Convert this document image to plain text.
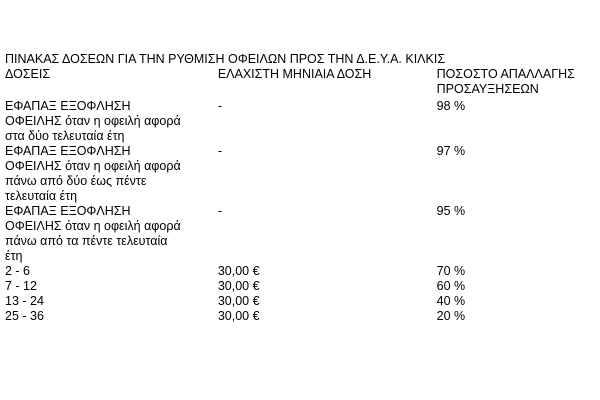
ΠΙΝΑΚΑΣ ΔΟΣΕΩΝ ΓΙΑ ΤΗΝ ΡΥΘΜΙΣΗ ΟΦΕΙΛΩΝ ΠΡΟΣ ΤΗΝ Δ.Ε.Υ.Α. ΚΙΛΚΙΣ
ΔΟΣΕΙΣ	ΕΛΑΧΙΣΤΗ ΜΗΝΙΑΙΑ ΔΟΣΗ	ΠΟΣΟΣΤΟ ΑΠΑΛΛΑΓΗΣ
ΠΡΟΣΑΥΞΗΣΕΩΝ
ΕΦΑΠΑΞ ΕΞΟΦΛΗΣΗ
ΟΦΕΙΛΗΣ όταν η οφειλή αφορά
στα δύο τελευταία έτη
-	98 %
ΕΦΑΠΑΞ ΕΞΟΦΛΗΣΗ
ΟΦΕΙΛΗΣ όταν η οφειλή αφορά
πάνω από δύο έως πέντε
τελευταία έτη
-	97 %
ΕΦΑΠΑΞ ΕΞΟΦΛΗΣΗ
ΟΦΕΙΛΗΣ όταν η οφειλή αφορά
πάνω από τα πέντε τελευταία
έτη
-	95 %
2 - 6	30,00 €	70 %
7 - 12	30,00 €	60 %
13 - 24	30,00 €	40 %
25 - 36	30,00 €	20 %
